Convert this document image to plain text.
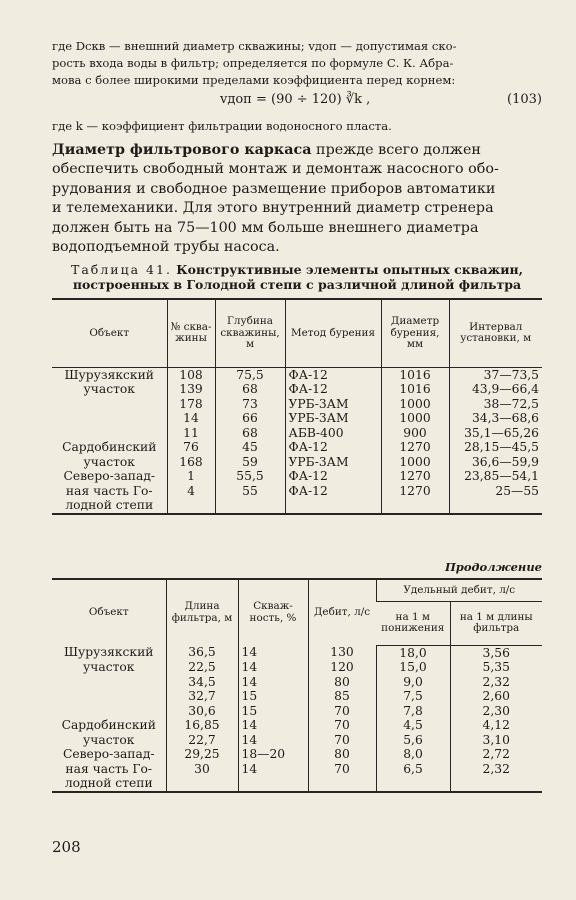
где Dскв — внешний диаметр скважины; vдоп — допустимая ско-
рость входа воды в фильтр; определяется по формуле С. К. Абра-
мова с более широкими пределами коэффициента перед корнем:
vдоп = (90 ÷ 120) ∛k ,	(103)
где k — коэффициент фильтрации водоносного пласта.
Диаметр фильтрового каркаса прежде всего должен
обеспечить свободный монтаж и демонтаж насосного обо-
рудования и свободное размещение приборов автоматики
и телемеханики. Для этого внутренний диаметр стренера
должен быть на 75—100 мм больше внешнего диаметра
водоподъемной трубы насоса.
Таблица 41. Конструктивные элементы опытных скважин,
построенных в Голодной степи с различной длиной фильтра
Объект	№ сква-жины	Глубина скважины, м	Метод бурения	Диаметр бурения, мм	Интервал установки, м

Шурузякский	108	75,5	ФА-12	1016	37—73,5

участок	139	68	ФА-12	1016	43,9—66,4
	178	73	УРБ-3АМ	1000	38—72,5
	14	66	УРБ-3АМ	1000	34,3—68,6
	11	68	АБВ-400	900	35,1—65,26

Сардобинский	76	45	ФА-12	1270	28,15—45,5

участок	168	59	УРБ-3АМ	1000	36,6—59,9

Северо-запад-	1	55,5	ФА-12	1270	23,85—54,1

ная часть Го-	4	55	ФА-12	1270	25—55

лодной степи					

Продолжение
Объект	Длина фильтра, м	Скваж-ность, %	Дебит, л/с	Удельный дебит, л/с	
				на 1 м понижения	на 1 м длины фильтра

Шурузякский	36,5	14	130	18,0	3,56

участок	22,5	14	120	15,0	5,35
	34,5	14	80	9,0	2,32
	32,7	15	85	7,5	2,60
	30,6	15	70	7,8	2,30

Сардобинский	16,85	14	70	4,5	4,12

участок	22,7	14	70	5,6	3,10

Северо-запад-	29,25	18—20	80	8,0	2,72

ная часть Го-	30	14	70	6,5	2,32

лодной степи					

208
